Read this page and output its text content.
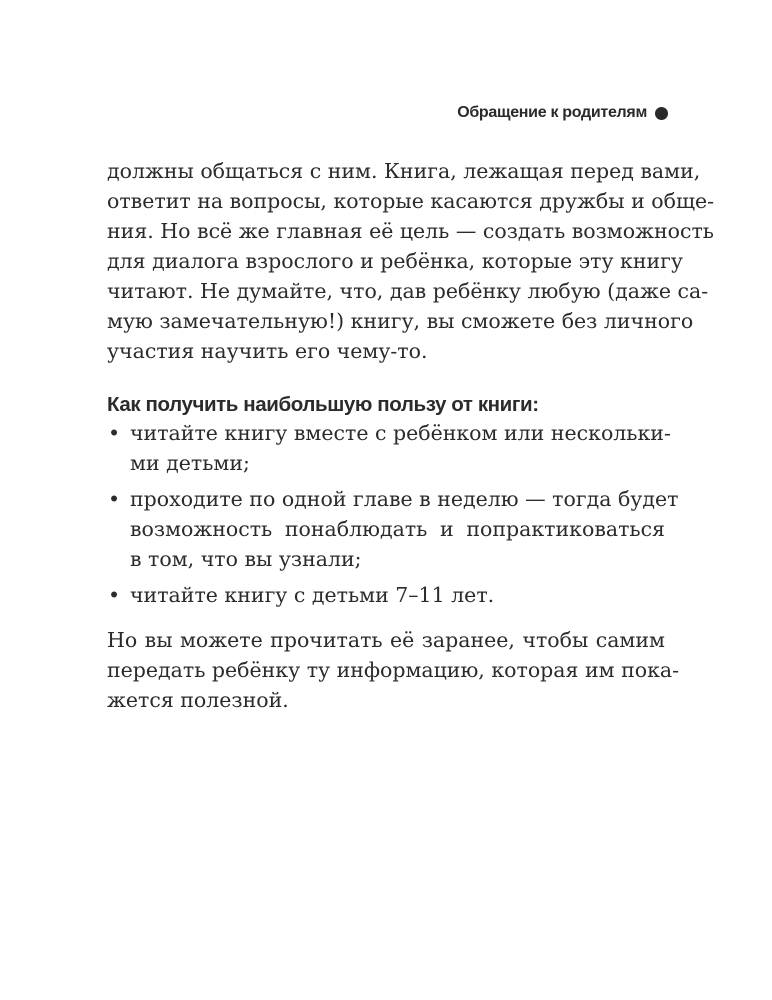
Обращение к родителям
должны общаться с ним. Книга, лежащая перед вами,
ответит на вопросы, которые касаются дружбы и обще-
ния. Но всё же главная её цель — создать возможность
для диалога взрослого и ребёнка, которые эту книгу
читают. Не думайте, что, дав ребёнку любую (даже са-
мую замечательную!) книгу, вы сможете без личного
участия научить его чему-то.
Как получить наибольшую пользу от книги:
• читайте книгу вместе с ребёнком или нескольки-
ми детьми;
• проходите по одной главе в неделю — тогда будет
возможность понаблюдать и попрактиковаться
в том, что вы узнали;
• читайте книгу с детьми 7–11 лет.
Но вы можете прочитать её заранее, чтобы самим
передать ребёнку ту информацию, которая им пока-
жется полезной.
